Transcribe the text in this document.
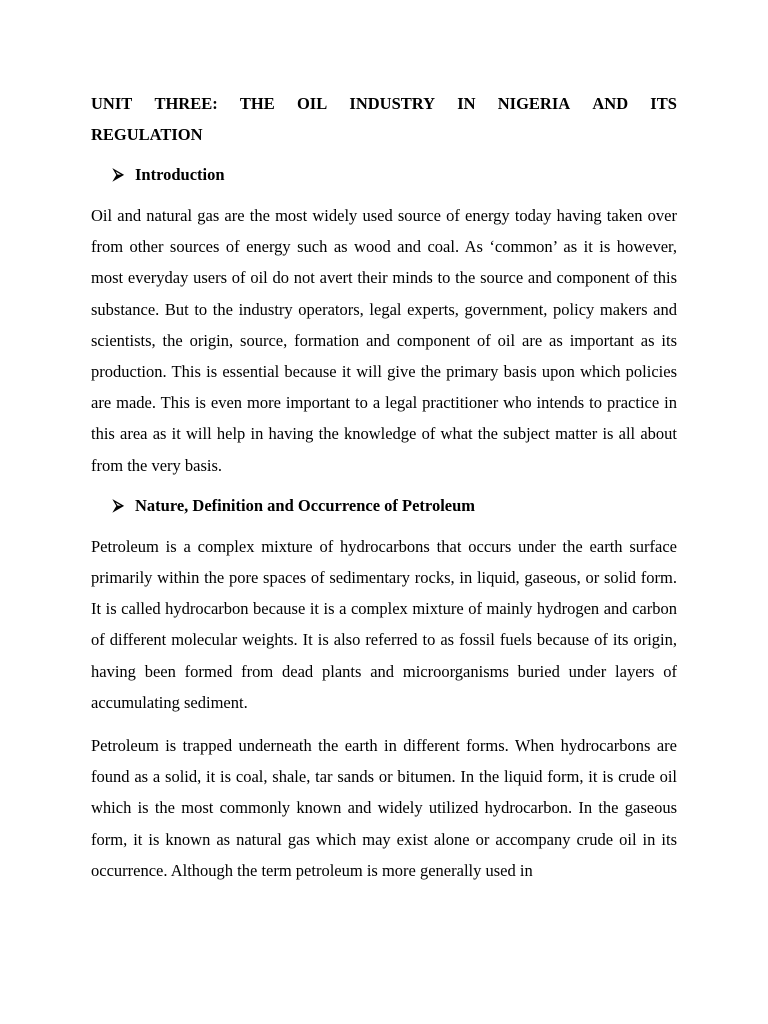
UNIT THREE: THE OIL INDUSTRY IN NIGERIA AND ITS
REGULATION
⮚ Introduction

Oil and natural gas are the most widely used source of energy today having taken over from other sources of energy such as wood and coal. As ‘common’ as it is however, most everyday users of oil do not avert their minds to the source and component of this substance. But to the industry operators, legal experts, government, policy makers and scientists, the origin, source, formation and component of oil are as important as its production. This is essential because it will give the primary basis upon which policies are made. This is even more important to a legal practitioner who intends to practice in this area as it will help in having the knowledge of what the subject matter is all about from the very basis.

⮚ Nature, Definition and Occurrence of Petroleum

Petroleum is a complex mixture of hydrocarbons that occurs under the earth surface primarily within the pore spaces of sedimentary rocks, in liquid, gaseous, or solid form. It is called hydrocarbon because it is a complex mixture of mainly hydrogen and carbon of different molecular weights. It is also referred to as fossil fuels because of its origin, having been formed from dead plants and microorganisms buried under layers of accumulating sediment.

Petroleum is trapped underneath the earth in different forms. When hydrocarbons are found as a solid, it is coal, shale, tar sands or bitumen. In the liquid form, it is crude oil which is the most commonly known and widely utilized hydrocarbon. In the gaseous form, it is known as natural gas which may exist alone or accompany crude oil in its occurrence. Although the term petroleum is more generally used in
